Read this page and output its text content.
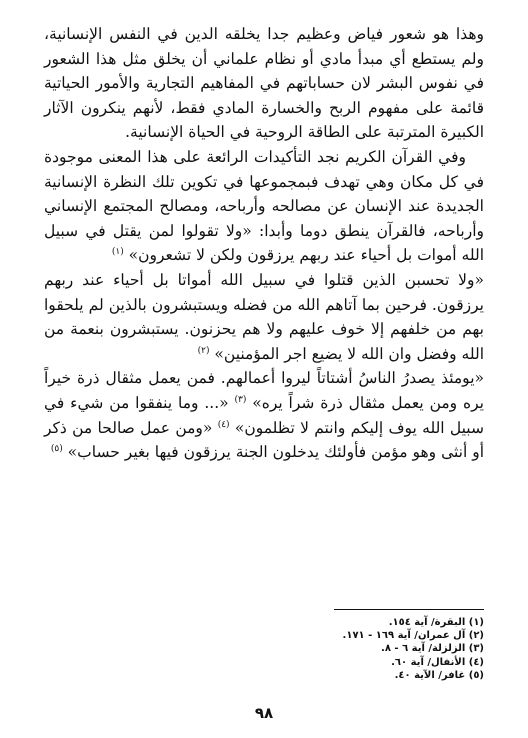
وهذا هو شعور فياض وعظيم جدا يخلقه الدين في النفس الإنسانية، ولم يستطع أي مبدأ مادي أو نظام علماني أن يخلق مثل هذا الشعور في نفوس البشر لان حساباتهم في المفاهيم التجارية والأمور الحياتية قائمة على مفهوم الربح والخسارة المادي فقط، لأنهم ينكرون الآثار الكبيرة المترتبة على الطاقة الروحية في الحياة الإنسانية.

وفي القرآن الكريم نجد التأكيدات الرائعة على هذا المعنى موجودة في كل مكان وهي تهدف فبمجموعها في تكوين تلك النظرة الإنسانية الجديدة عند الإنسان عن مصالحه وأرباحه، ومصالح المجتمع الإنساني وأرباحه، فالقرآن ينطق دوما وأبدا: «ولا تقولوا لمن يقتل في سبيل الله أموات بل أحياء عند ربهم يرزقون ولكن لا تشعرون» $^{(١)}$

«ولا تحسبن الذين قتلوا في سبيل الله أمواتا بل أحياء عند ربهم يرزقون. فرحين بما آتاهم الله من فضله ويستبشرون بالذين لم يلحقوا بهم من خلفهم إلا خوف عليهم ولا هم يحزنون. يستبشرون بنعمة من الله وفضل وان الله لا يضيع اجر المؤمنين» $^{(٢)}$

«يومئذ يصدرُ الناسُ أشتاتاً ليروا أعمالهم. فمن يعمل مثقال ذرة خيراً يره ومن يعمل مثقال ذرة شراً يره» $^{(٣)}$ «... وما ينفقوا من شيء في سبيل الله يوف إليكم وانتم لا تظلمون» $^{(٤)}$ «ومن عمل صالحا من ذكر أو أنثى وهو مؤمن فأولئك يدخلون الجنة يرزقون فيها بغير حساب» $^{(٥)}$

(١) البقرة/ آية ١٥٤.
(٢) آل عمران/ آية ١٦٩ - ١٧١.
(٣) الزلزلة/ آية ٦ - ٨.
(٤) الأنفال/ آية ٦٠.
(٥) غافر/ الآية ٤٠.
٩٨
